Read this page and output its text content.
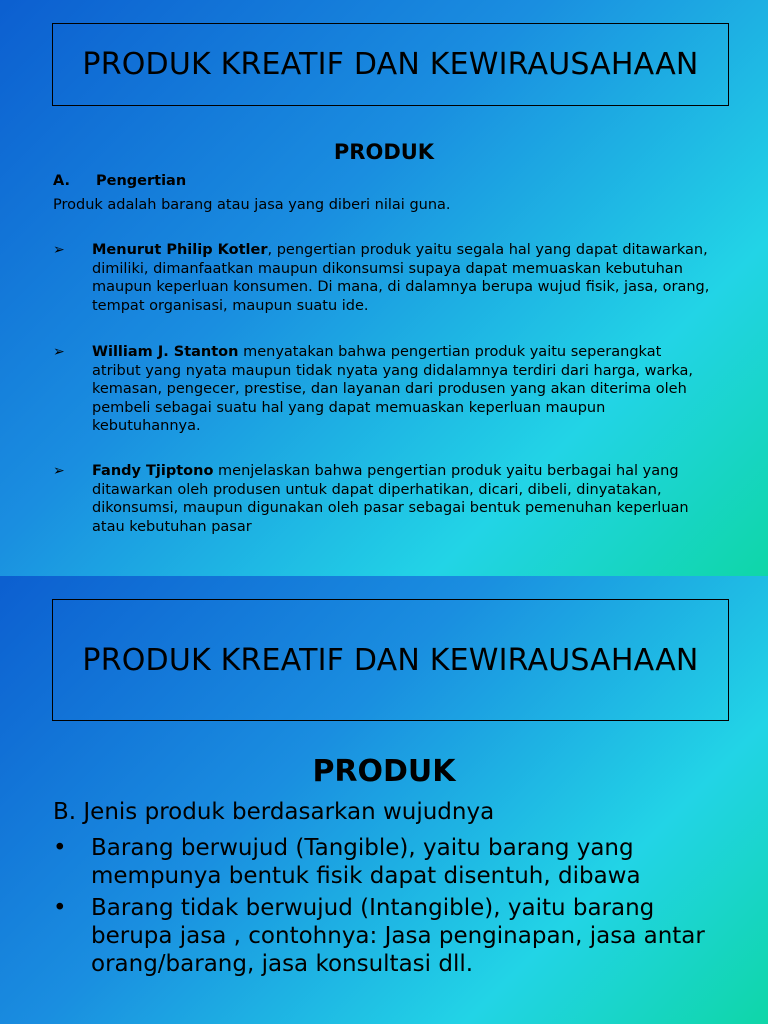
PRODUK KREATIF DAN KEWIRAUSAHAAN
PRODUK
A. Pengertian
Produk adalah barang atau jasa yang diberi nilai guna.
➢ Menurut Philip Kotler, pengertian produk yaitu segala hal yang dapat ditawarkan, dimiliki, dimanfaatkan maupun dikonsumsi supaya dapat memuaskan kebutuhan maupun keperluan konsumen. Di mana, di dalamnya berupa wujud fisik, jasa, orang, tempat organisasi, maupun suatu ide.
➢ William J. Stanton menyatakan bahwa pengertian produk yaitu seperangkat atribut yang nyata maupun tidak nyata yang didalamnya terdiri dari harga, warka, kemasan, pengecer, prestise, dan layanan dari produsen yang akan diterima oleh pembeli sebagai suatu hal yang dapat memuaskan keperluan maupun kebutuhannya.
➢ Fandy Tjiptono menjelaskan bahwa pengertian produk yaitu berbagai hal yang ditawarkan oleh produsen untuk dapat diperhatikan, dicari, dibeli, dinyatakan, dikonsumsi, maupun digunakan oleh pasar sebagai bentuk pemenuhan keperluan atau kebutuhan pasar
PRODUK KREATIF DAN KEWIRAUSAHAAN
PRODUK
B. Jenis produk berdasarkan wujudnya
• Barang berwujud (Tangible), yaitu barang yang mempunya bentuk fisik dapat disentuh, dibawa
• Barang tidak berwujud (Intangible), yaitu barang berupa jasa , contohnya: Jasa penginapan, jasa antar orang/barang, jasa konsultasi dll.
